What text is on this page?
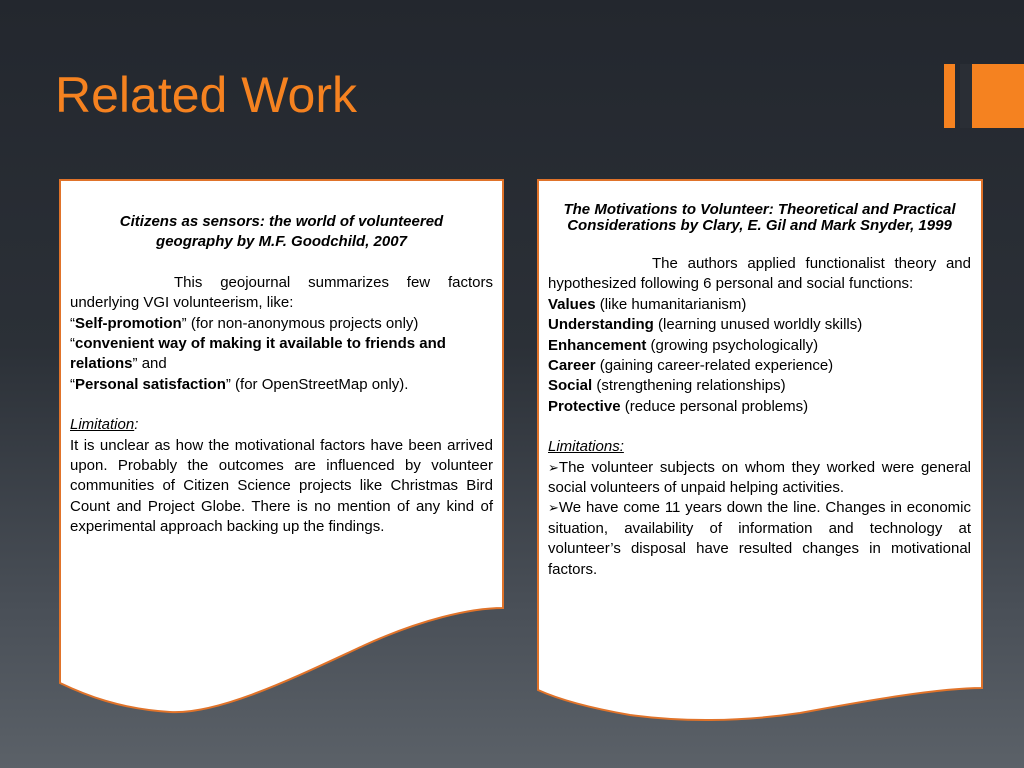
Related Work

Citizens as sensors: the world of volunteered geography by M.F. Goodchild, 2007

This geojournal summarizes few factors underlying VGI volunteerism, like:

“Self-promotion” (for non-anonymous projects only)

“convenient way of making it available to friends and relations” and

“Personal satisfaction” (for OpenStreetMap only).

Limitation:

It is unclear as how the motivational factors have been arrived upon. Probably the outcomes are influenced by volunteer communities of Citizen Science projects like Christmas Bird Count and Project Globe. There is no mention of any kind of experimental approach backing up the findings.

The Motivations to Volunteer: Theoretical and Practical Considerations by Clary, E. Gil and Mark Snyder, 1999

The authors applied functionalist theory and hypothesized following 6 personal and social functions:

Values (like humanitarianism)

Understanding (learning unused worldly skills)

Enhancement (growing psychologically)

Career (gaining career-related experience)

Social (strengthening relationships)

Protective (reduce personal problems)

Limitations:

➢The volunteer subjects on whom they worked were general social volunteers of unpaid helping activities.

➢We have come 11 years down the line. Changes in economic situation, availability of information and technology at volunteer’s disposal have resulted changes in motivational factors.
